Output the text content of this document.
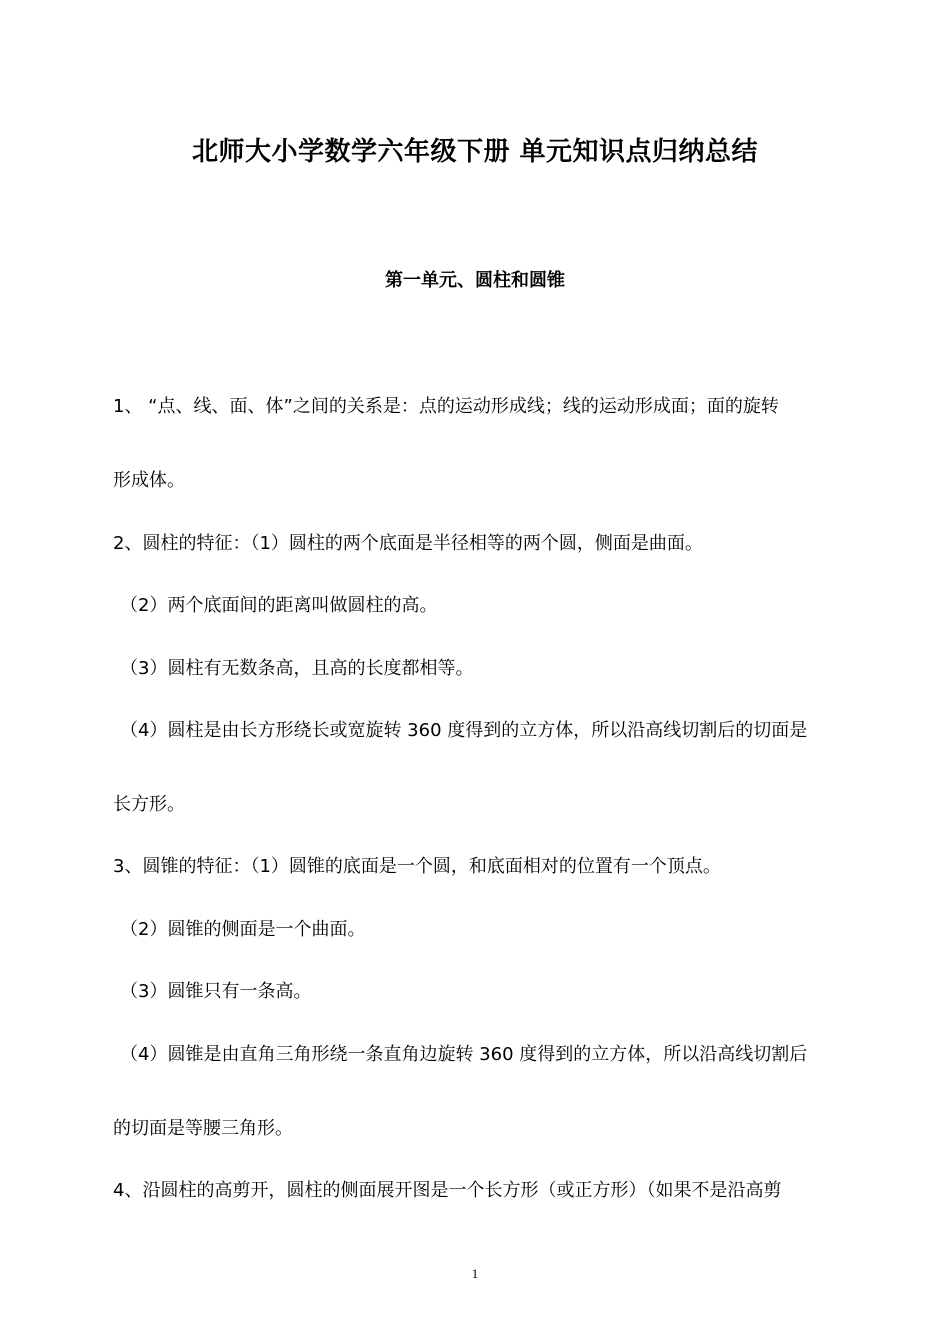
北师大小学数学六年级下册 单元知识点归纳总结
第一单元、圆柱和圆锥

1、 “点、线、面、体”之间的关系是：点的运动形成线；线的运动形成面；面的旋转

形成体。

2、圆柱的特征：（1）圆柱的两个底面是半径相等的两个圆，侧面是曲面。

（2）两个底面间的距离叫做圆柱的高。

（3）圆柱有无数条高，且高的长度都相等。

（4）圆柱是由长方形绕长或宽旋转 360 度得到的立方体，所以沿高线切割后的切面是

长方形。

3、圆锥的特征：（1）圆锥的底面是一个圆，和底面相对的位置有一个顶点。

（2）圆锥的侧面是一个曲面。

（3）圆锥只有一条高。

（4）圆锥是由直角三角形绕一条直角边旋转 360 度得到的立方体，所以沿高线切割后

的切面是等腰三角形。

4、沿圆柱的高剪开，圆柱的侧面展开图是一个长方形（或正方形）（如果不是沿高剪

1
